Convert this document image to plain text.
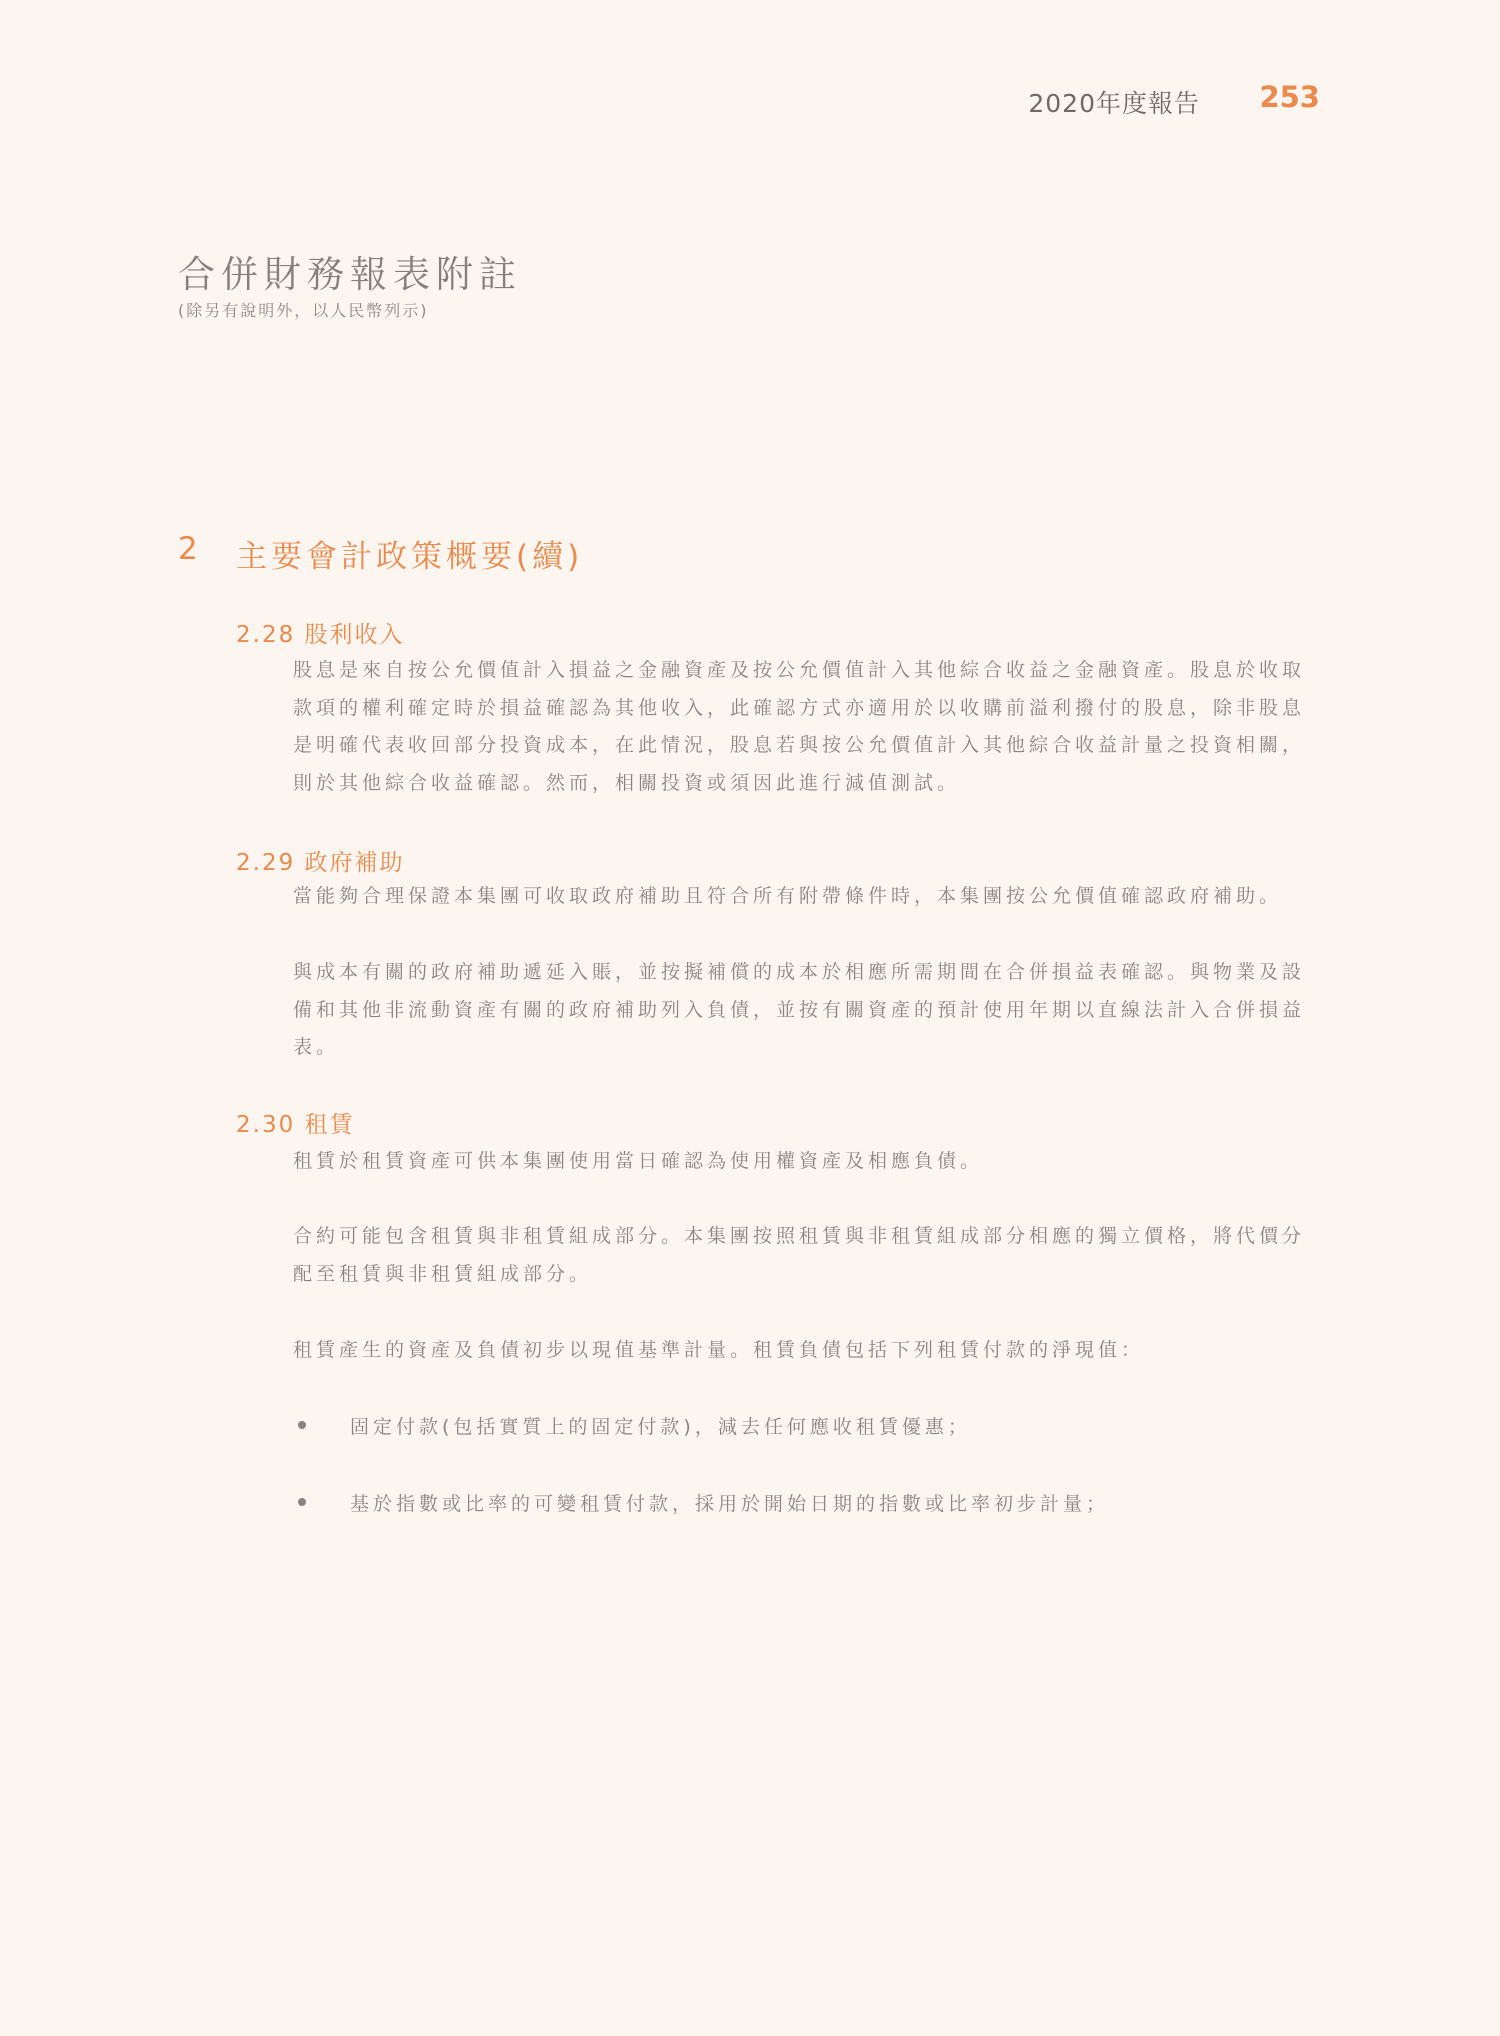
2020年度報告 253
合併財務報表附註
(除另有說明外，以人民幣列示)
2 主要會計政策概要(續)
2.28 股利收入

股息是來自按公允價值計入損益之金融資產及按公允價值計入其他綜合收益之金融資產。股息於收取款項的權利確定時於損益確認為其他收入，此確認方式亦適用於以收購前溢利撥付的股息，除非股息是明確代表收回部分投資成本，在此情況，股息若與按公允價值計入其他綜合收益計量之投資相關，則於其他綜合收益確認。然而，相關投資或須因此進行減值測試。

2.29 政府補助

當能夠合理保證本集團可收取政府補助且符合所有附帶條件時，本集團按公允價值確認政府補助。

與成本有關的政府補助遞延入賬，並按擬補償的成本於相應所需期間在合併損益表確認。與物業及設備和其他非流動資產有關的政府補助列入負債，並按有關資產的預計使用年期以直線法計入合併損益表。

2.30 租賃

租賃於租賃資產可供本集團使用當日確認為使用權資產及相應負債。

合約可能包含租賃與非租賃組成部分。本集團按照租賃與非租賃組成部分相應的獨立價格，將代價分配至租賃與非租賃組成部分。

租賃產生的資產及負債初步以現值基準計量。租賃負債包括下列租賃付款的淨現值：

固定付款(包括實質上的固定付款)，減去任何應收租賃優惠；
基於指數或比率的可變租賃付款，採用於開始日期的指數或比率初步計量；
